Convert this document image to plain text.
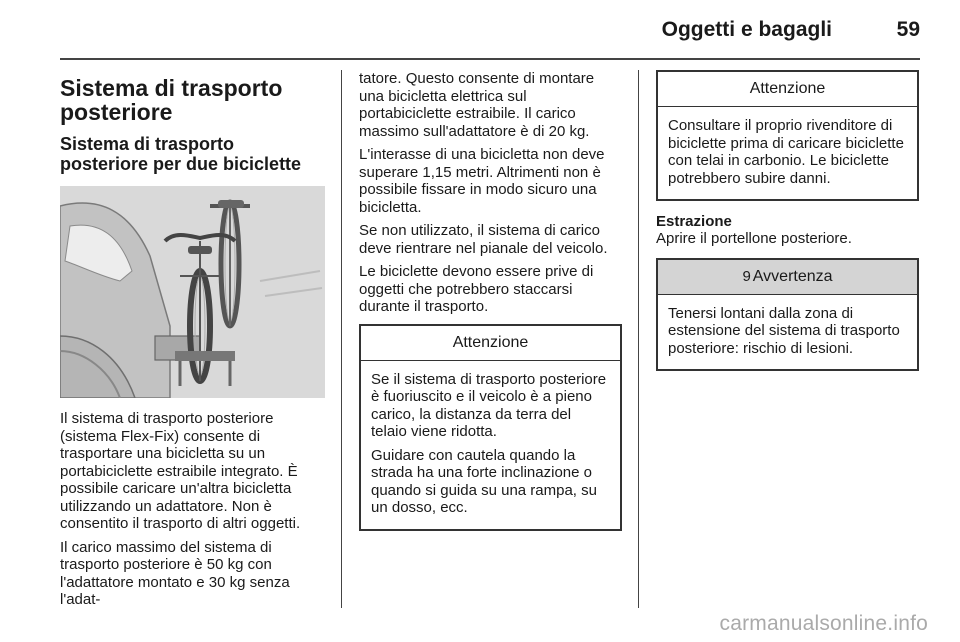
Oggetti e bagagli	59
Sistema di trasporto posteriore
Sistema di trasporto posteriore per due biciclette

Il sistema di trasporto posteriore (sistema Flex-Fix) consente di trasportare una bicicletta su un portabiciclette estraibile integrato. È possibile caricare un'altra bicicletta utilizzando un adattatore. Non è consentito il trasporto di altri oggetti.

Il carico massimo del sistema di trasporto posteriore è 50 kg con l'adattatore montato e 30 kg senza l'adat-

tatore. Questo consente di montare una bicicletta elettrica sul portabiciclette estraibile. Il carico massimo sull'adattatore è di 20 kg.

L'interasse di una bicicletta non deve superare 1,15 metri. Altrimenti non è possibile fissare in modo sicuro una bicicletta.

Se non utilizzato, il sistema di carico deve rientrare nel pianale del veicolo.

Le biciclette devono essere prive di oggetti che potrebbero staccarsi durante il trasporto.

Attenzione

Se il sistema di trasporto posteriore è fuoriuscito e il veicolo è a pieno carico, la distanza da terra del telaio viene ridotta.

Guidare con cautela quando la strada ha una forte inclinazione o quando si guida su una rampa, su un dosso, ecc.

Attenzione

Consultare il proprio rivenditore di biciclette prima di caricare biciclette con telai in carbonio. Le biciclette potrebbero subire danni.

Estrazione

Aprire il portellone posteriore.

9 Avvertenza

Tenersi lontani dalla zona di estensione del sistema di trasporto posteriore: rischio di lesioni.

carmanualsonline.info
